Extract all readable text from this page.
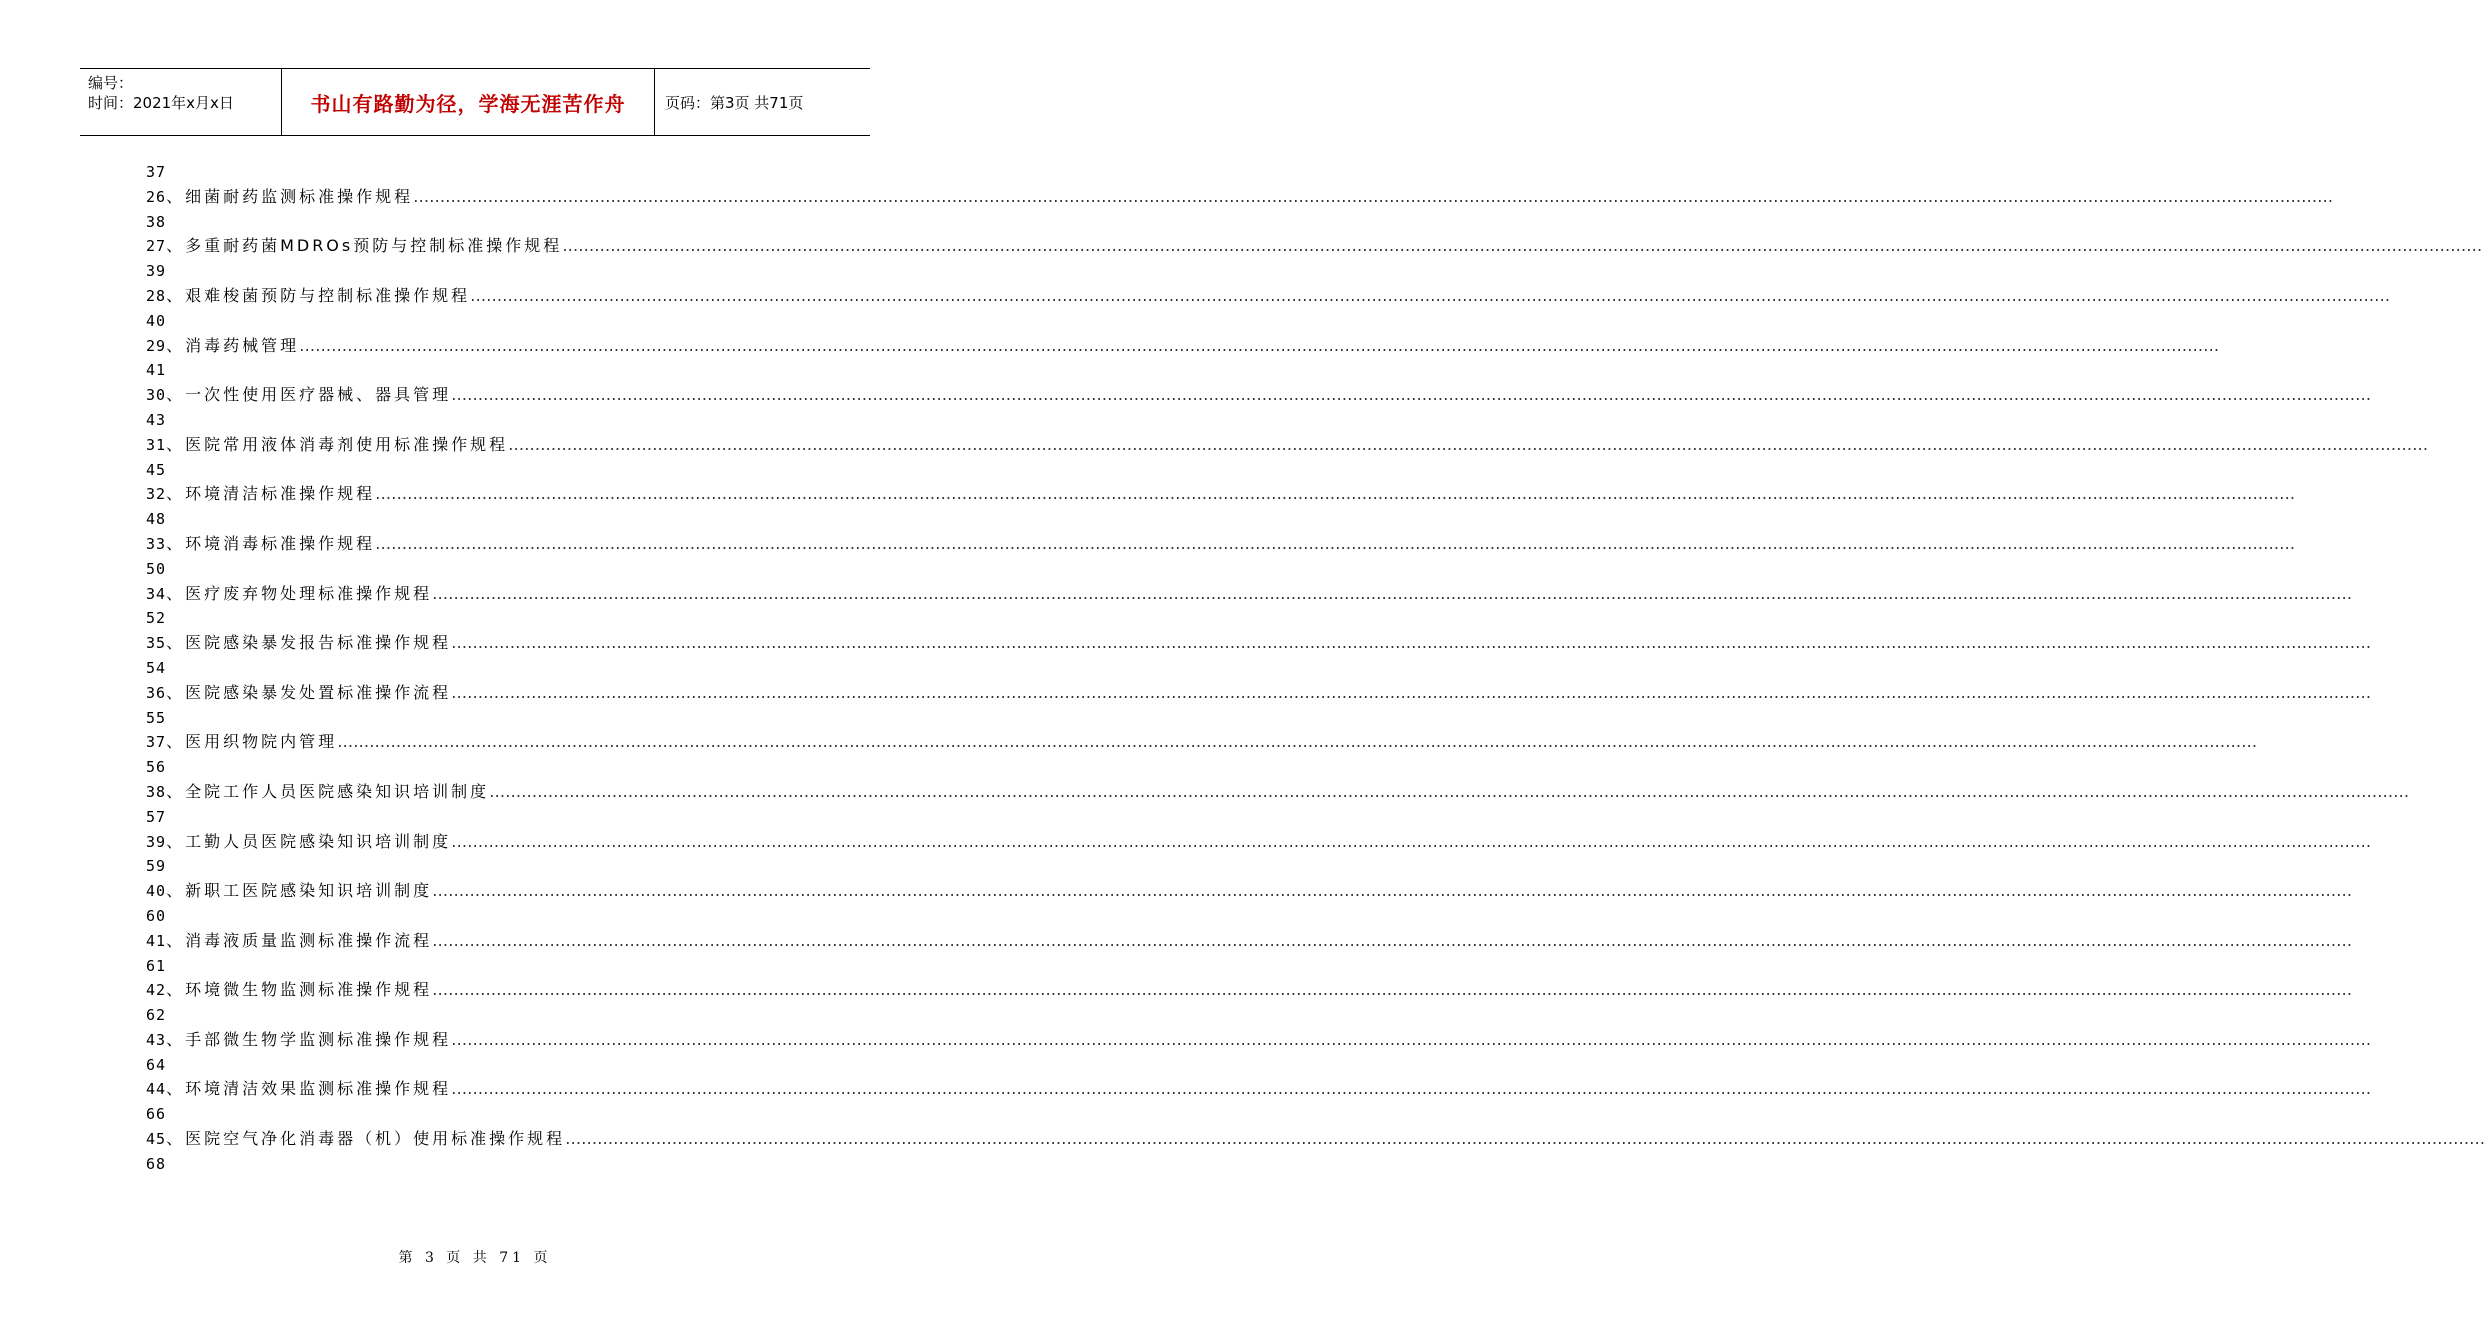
编号：
时间：2021年x月x日	书山有路勤为径，学海无涯苦作舟	页码：第3页 共71页
37
26、细菌耐药监测标准操作规程………………………………………………………………………………………………………………………………………………………………………………………………………………………………………………………………………………………………………………………………
38
27、多重耐药菌MDROs预防与控制标准操作规程………………………………………………………………………………………………………………………………………………………………………………………………………………………………………………………………………………………………………………………………
39
28、艰难梭菌预防与控制标准操作规程………………………………………………………………………………………………………………………………………………………………………………………………………………………………………………………………………………………………………………………………
40
29、消毒药械管理………………………………………………………………………………………………………………………………………………………………………………………………………………………………………………………………………………………………………………………………
41
30、一次性使用医疗器械、器具管理………………………………………………………………………………………………………………………………………………………………………………………………………………………………………………………………………………………………………………………………
43
31、医院常用液体消毒剂使用标准操作规程………………………………………………………………………………………………………………………………………………………………………………………………………………………………………………………………………………………………………………………………
45
32、环境清洁标准操作规程………………………………………………………………………………………………………………………………………………………………………………………………………………………………………………………………………………………………………………………………
48
33、环境消毒标准操作规程………………………………………………………………………………………………………………………………………………………………………………………………………………………………………………………………………………………………………………………………
50
34、医疗废弃物处理标准操作规程………………………………………………………………………………………………………………………………………………………………………………………………………………………………………………………………………………………………………………………………
52
35、医院感染暴发报告标准操作规程………………………………………………………………………………………………………………………………………………………………………………………………………………………………………………………………………………………………………………………………
54
36、医院感染暴发处置标准操作流程………………………………………………………………………………………………………………………………………………………………………………………………………………………………………………………………………………………………………………………………
55
37、医用织物院内管理………………………………………………………………………………………………………………………………………………………………………………………………………………………………………………………………………………………………………………………………
56
38、全院工作人员医院感染知识培训制度………………………………………………………………………………………………………………………………………………………………………………………………………………………………………………………………………………………………………………………………
57
39、工勤人员医院感染知识培训制度………………………………………………………………………………………………………………………………………………………………………………………………………………………………………………………………………………………………………………………………
59
40、新职工医院感染知识培训制度………………………………………………………………………………………………………………………………………………………………………………………………………………………………………………………………………………………………………………………………
60
41、消毒液质量监测标准操作流程………………………………………………………………………………………………………………………………………………………………………………………………………………………………………………………………………………………………………………………………
61
42、环境微生物监测标准操作规程………………………………………………………………………………………………………………………………………………………………………………………………………………………………………………………………………………………………………………………………
62
43、手部微生物学监测标准操作规程………………………………………………………………………………………………………………………………………………………………………………………………………………………………………………………………………………………………………………………………
64
44、环境清洁效果监测标准操作规程………………………………………………………………………………………………………………………………………………………………………………………………………………………………………………………………………………………………………………………………
66
45、医院空气净化消毒器（机）使用标准操作规程………………………………………………………………………………………………………………………………………………………………………………………………………………………………………………………………………………………………………………………………
68
第 3 页 共 71 页
